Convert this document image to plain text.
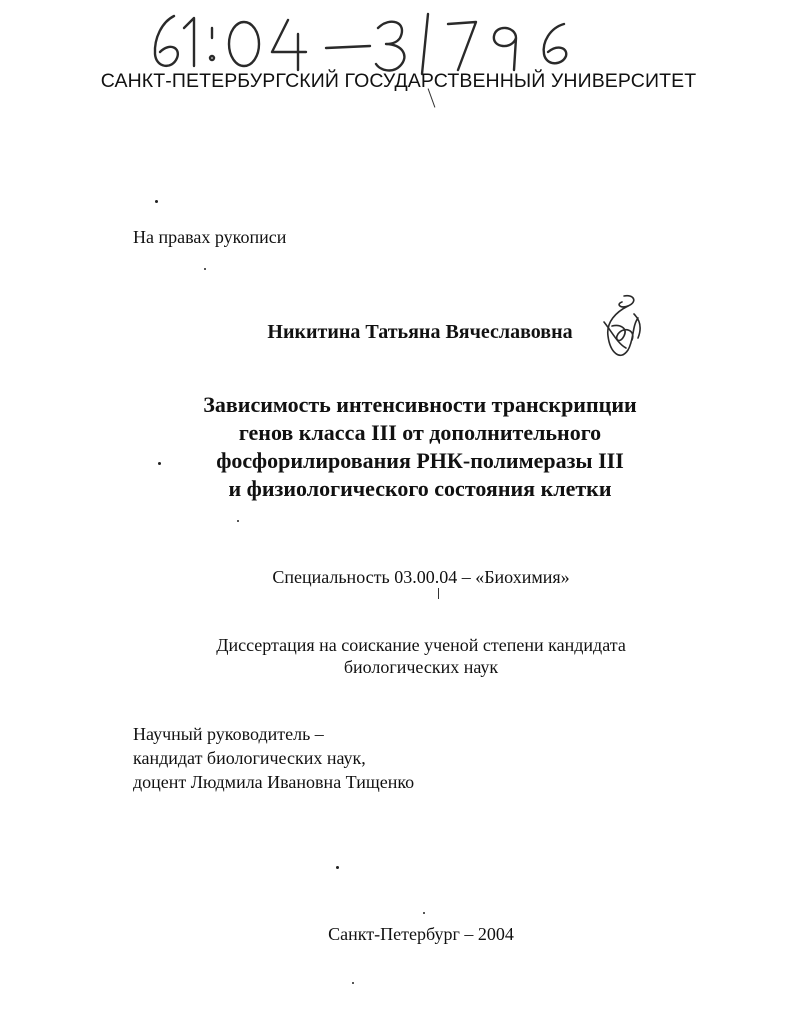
САНКТ-ПЕТЕРБУРГСКИЙ ГОСУДАРСТВЕННЫЙ УНИВЕРСИТЕТ
На правах рукописи
Никитина Татьяна Вячеславовна
Зависимость интенсивности транскрипции
генов класса III от дополнительного
фосфорилирования РНК-полимеразы III
и физиологического состояния клетки
Специальность 03.00.04 – «Биохимия»
Диссертация на соискание ученой степени кандидата
биологических наук
Научный руководитель –
кандидат биологических наук,
доцент Людмила Ивановна Тищенко
Санкт-Петербург – 2004
